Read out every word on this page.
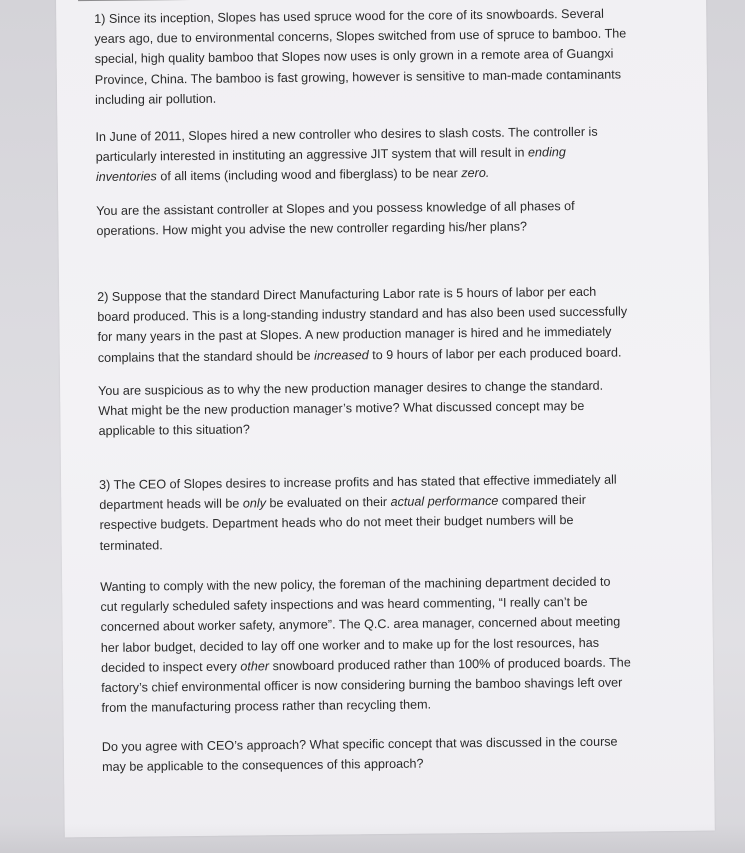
1) Since its inception, Slopes has used spruce wood for the core of its snowboards. Several
years ago, due to environmental concerns, Slopes switched from use of spruce to bamboo. The
special, high quality bamboo that Slopes now uses is only grown in a remote area of Guangxi
Province, China. The bamboo is fast growing, however is sensitive to man-made contaminants
including air pollution.

In June of 2011, Slopes hired a new controller who desires to slash costs. The controller is
particularly interested in instituting an aggressive JIT system that will result in ending
inventories of all items (including wood and fiberglass) to be near zero.

You are the assistant controller at Slopes and you possess knowledge of all phases of
operations. How might you advise the new controller regarding his/her plans?

2) Suppose that the standard Direct Manufacturing Labor rate is 5 hours of labor per each
board produced. This is a long-standing industry standard and has also been used successfully
for many years in the past at Slopes. A new production manager is hired and he immediately
complains that the standard should be increased to 9 hours of labor per each produced board.

You are suspicious as to why the new production manager desires to change the standard.
What might be the new production manager’s motive? What discussed concept may be
applicable to this situation?

3) The CEO of Slopes desires to increase profits and has stated that effective immediately all
department heads will be only be evaluated on their actual performance compared their
respective budgets. Department heads who do not meet their budget numbers will be
terminated.

Wanting to comply with the new policy, the foreman of the machining department decided to
cut regularly scheduled safety inspections and was heard commenting, “I really can’t be
concerned about worker safety, anymore”. The Q.C. area manager, concerned about meeting
her labor budget, decided to lay off one worker and to make up for the lost resources, has
decided to inspect every other snowboard produced rather than 100% of produced boards. The
factory’s chief environmental officer is now considering burning the bamboo shavings left over
from the manufacturing process rather than recycling them.

Do you agree with CEO’s approach? What specific concept that was discussed in the course
may be applicable to the consequences of this approach?
